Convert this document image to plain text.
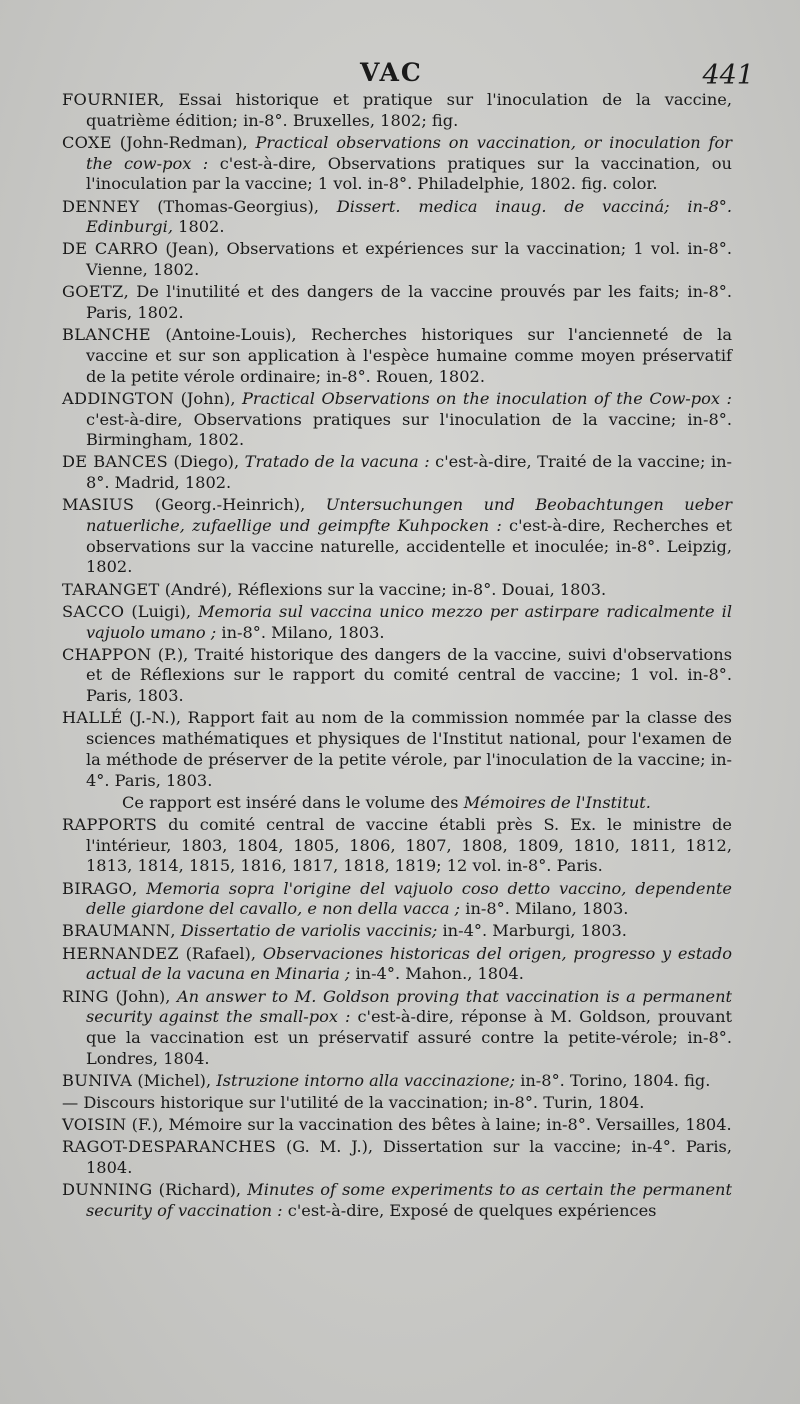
VAC	441

FOURNIER, Essai historique et pratique sur l'inoculation de la vaccine, quatrième édition; in-8°. Bruxelles, 1802; fig.

COXE (John-Redman), Practical observations on vaccination, or inoculation for the cow-pox : c'est-à-dire, Observations pratiques sur la vaccination, ou l'inoculation par la vaccine; 1 vol. in-8°. Philadelphie, 1802. fig. color.

DENNEY (Thomas-Georgius), Dissert. medica inaug. de vacciná; in-8°. Edinburgi, 1802.

DE CARRO (Jean), Observations et expériences sur la vaccination; 1 vol. in-8°. Vienne, 1802.

GOETZ, De l'inutilité et des dangers de la vaccine prouvés par les faits; in-8°. Paris, 1802.

BLANCHE (Antoine-Louis), Recherches historiques sur l'ancienneté de la vaccine et sur son application à l'espèce humaine comme moyen préservatif de la petite vérole ordinaire; in-8°. Rouen, 1802.

ADDINGTON (John), Practical Observations on the inoculation of the Cow-pox : c'est-à-dire, Observations pratiques sur l'inoculation de la vaccine; in-8°. Birmingham, 1802.

DE BANCES (Diego), Tratado de la vacuna : c'est-à-dire, Traité de la vaccine; in-8°. Madrid, 1802.

MASIUS (Georg.-Heinrich), Untersuchungen und Beobachtungen ueber natuerliche, zufaellige und geimpfte Kuhpocken : c'est-à-dire, Recherches et observations sur la vaccine naturelle, accidentelle et inoculée; in-8°. Leipzig, 1802.

TARANGET (André), Réflexions sur la vaccine; in-8°. Douai, 1803.

SACCO (Luigi), Memoria sul vaccina unico mezzo per astirpare radicalmente il vajuolo umano ; in-8°. Milano, 1803.

CHAPPON (P.), Traité historique des dangers de la vaccine, suivi d'observations et de Réflexions sur le rapport du comité central de vaccine; 1 vol. in-8°. Paris, 1803.

HALLÉ (J.-N.), Rapport fait au nom de la commission nommée par la classe des sciences mathématiques et physiques de l'Institut national, pour l'examen de la méthode de préserver de la petite vérole, par l'inoculation de la vaccine; in-4°. Paris, 1803.

Ce rapport est inséré dans le volume des Mémoires de l'Institut.

RAPPORTS du comité central de vaccine établi près S. Ex. le ministre de l'intérieur, 1803, 1804, 1805, 1806, 1807, 1808, 1809, 1810, 1811, 1812, 1813, 1814, 1815, 1816, 1817, 1818, 1819; 12 vol. in-8°. Paris.

BIRAGO, Memoria sopra l'origine del vajuolo coso detto vaccino, dependente delle giardone del cavallo, e non della vacca ; in-8°. Milano, 1803.

BRAUMANN, Dissertatio de variolis vaccinis; in-4°. Marburgi, 1803.

HERNANDEZ (Rafael), Observaciones historicas del origen, progresso y estado actual de la vacuna en Minaria ; in-4°. Mahon., 1804.

RING (John), An answer to M. Goldson proving that vaccination is a permanent security against the small-pox : c'est-à-dire, réponse à M. Goldson, prouvant que la vaccination est un préservatif assuré contre la petite-vérole; in-8°. Londres, 1804.

BUNIVA (Michel), Istruzione intorno alla vaccinazione; in-8°. Torino, 1804. fig.

— Discours historique sur l'utilité de la vaccination; in-8°. Turin, 1804.

VOISIN (F.), Mémoire sur la vaccination des bêtes à laine; in-8°. Versailles, 1804.

RAGOT-DESPARANCHES (G. M. J.), Dissertation sur la vaccine; in-4°. Paris, 1804.

DUNNING (Richard), Minutes of some experiments to as certain the permanent security of vaccination : c'est-à-dire, Exposé de quelques expériences
